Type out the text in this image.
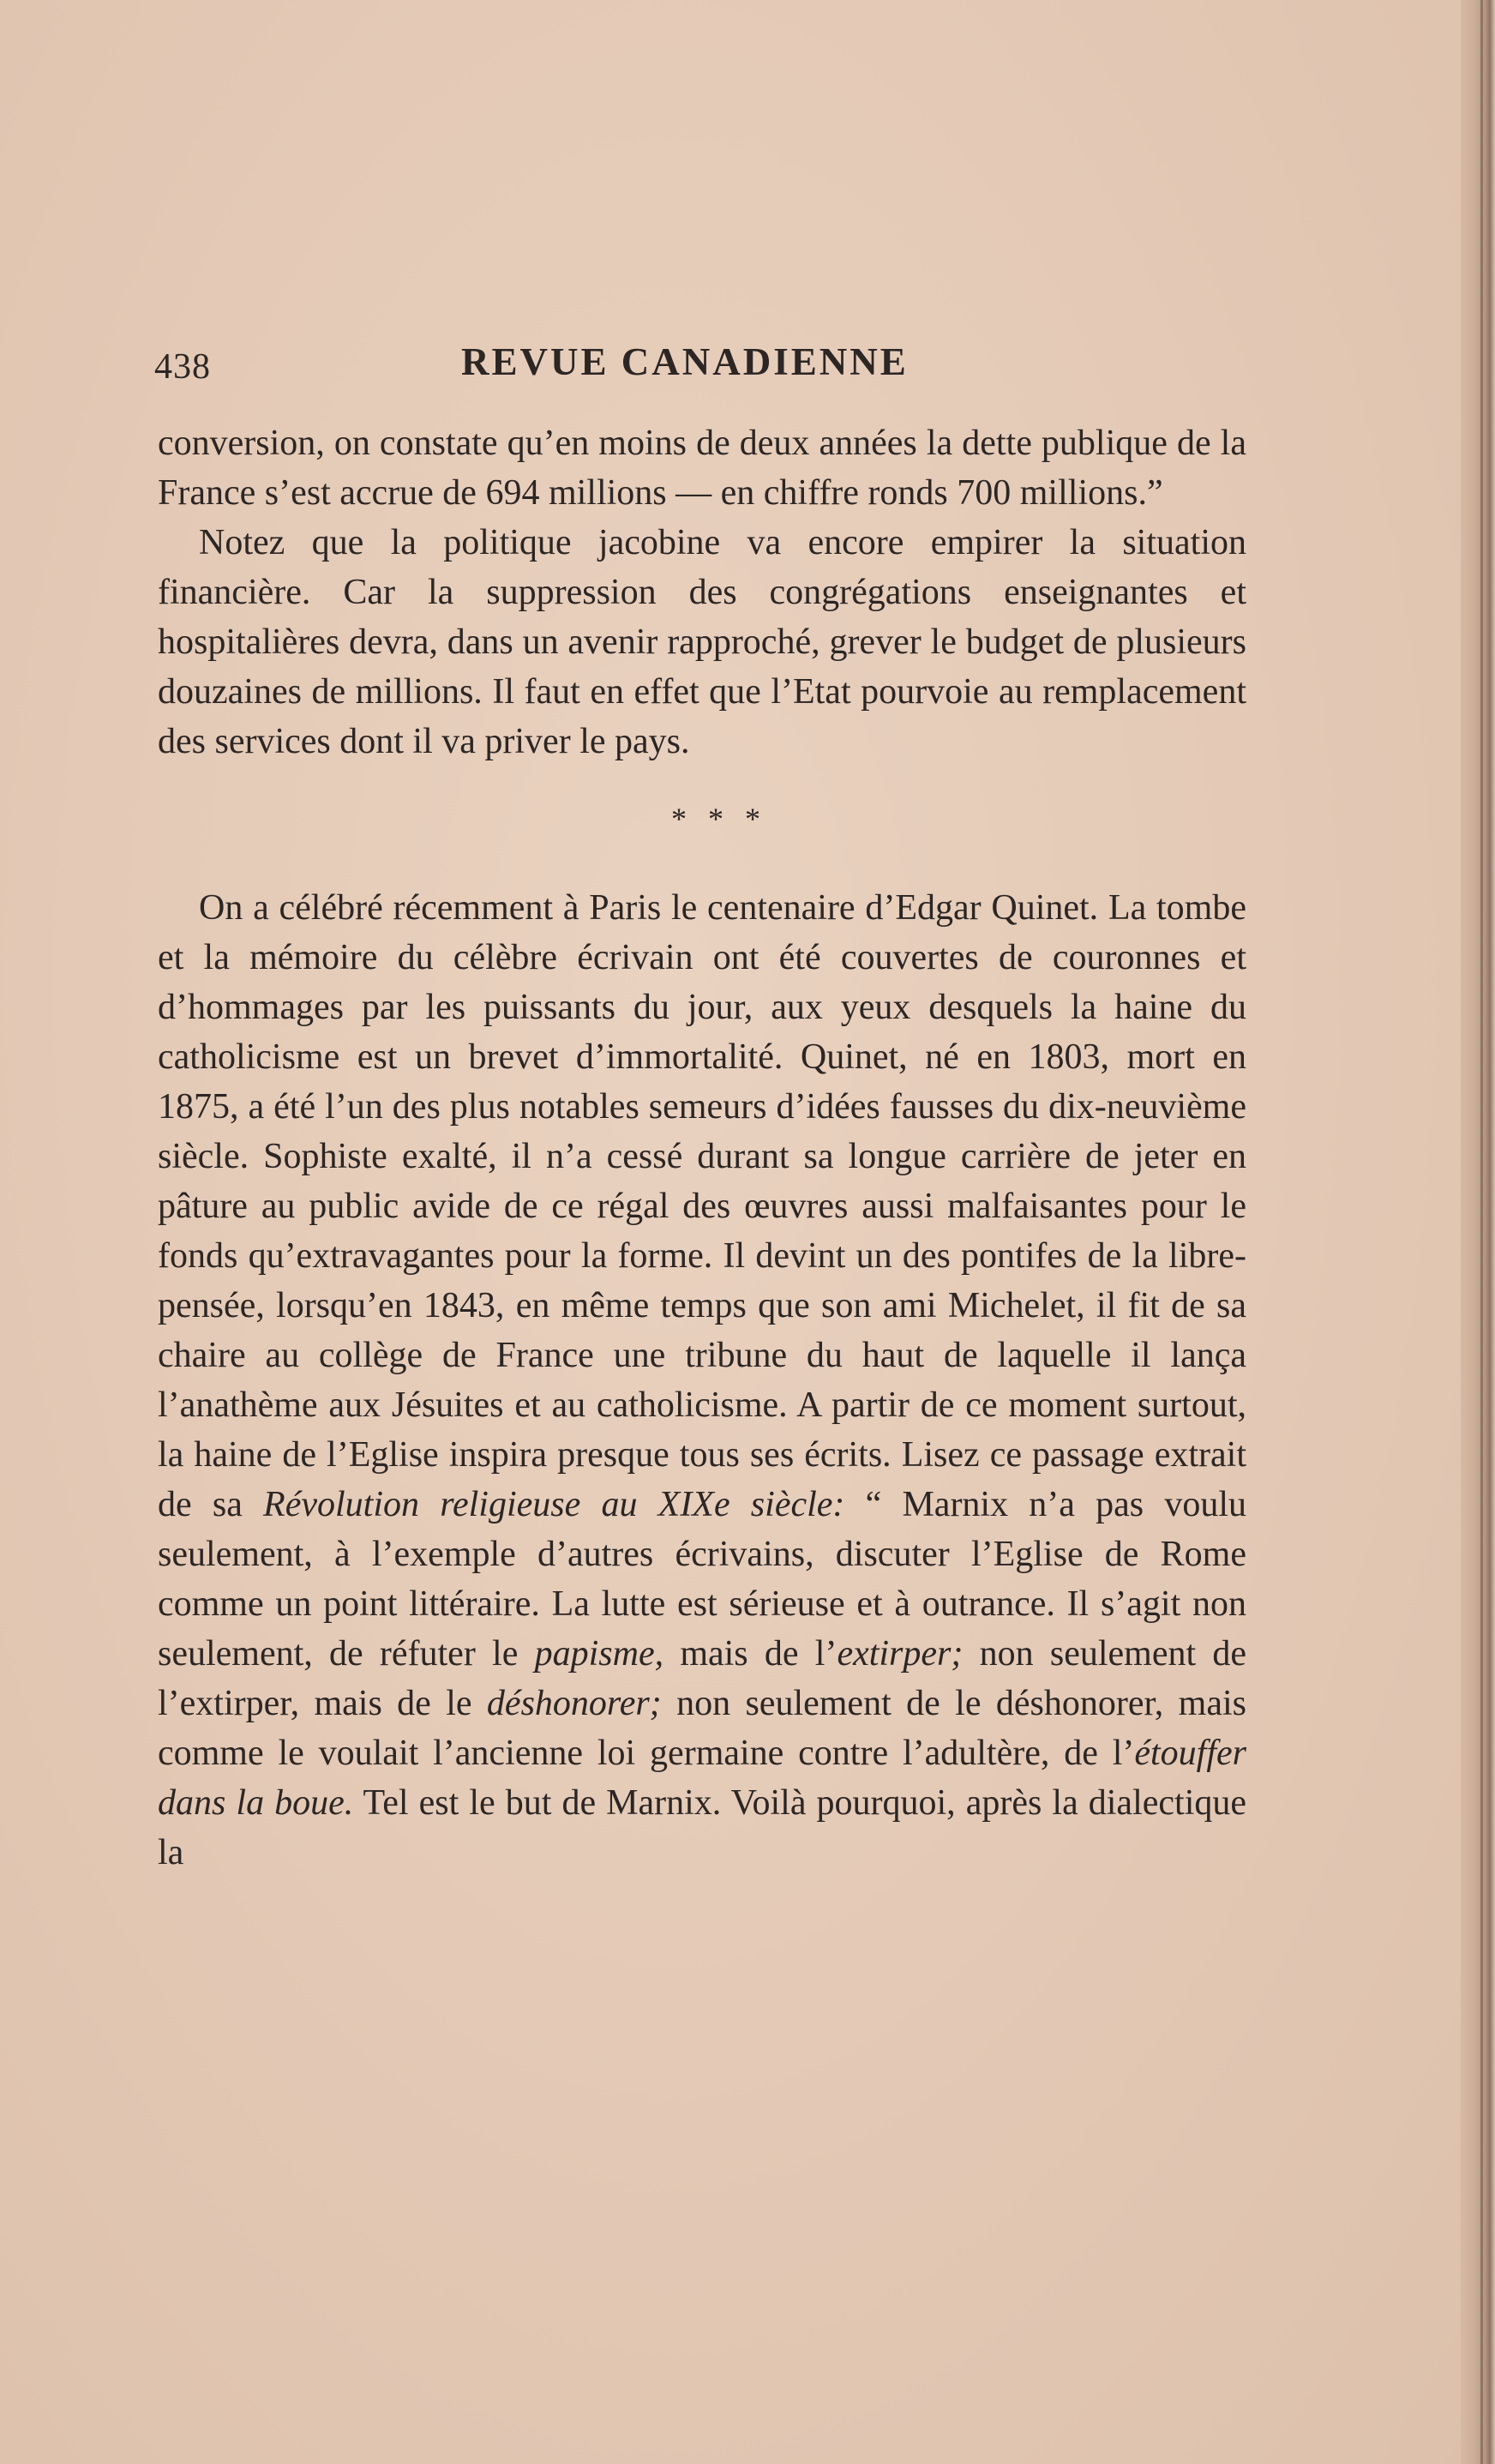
438	REVUE CANADIENNE

conversion, on constate qu’en moins de deux années la dette publique de la France s’est accrue de 694 millions — en chiffre ronds 700 millions.”

Notez que la politique jacobine va encore empirer la situation financière. Car la suppression des congrégations enseignantes et hospitalières devra, dans un avenir rapproché, grever le budget de plusieurs douzaines de millions. Il faut en effet que l’Etat pourvoie au remplacement des services dont il va priver le pays.

* * *

On a célébré récemment à Paris le centenaire d’Edgar Quinet. La tombe et la mémoire du célèbre écrivain ont été couvertes de couronnes et d’hommages par les puissants du jour, aux yeux desquels la haine du catholicisme est un brevet d’immortalité. Quinet, né en 1803, mort en 1875, a été l’un des plus notables semeurs d’idées fausses du dix-neuvième siècle. Sophiste exalté, il n’a cessé durant sa longue carrière de jeter en pâture au public avide de ce régal des œuvres aussi malfaisantes pour le fonds qu’extravagantes pour la forme. Il devint un des pontifes de la libre-pensée, lorsqu’en 1843, en même temps que son ami Michelet, il fit de sa chaire au collège de France une tribune du haut de laquelle il lança l’anathème aux Jésuites et au catholicisme. A partir de ce moment surtout, la haine de l’Eglise inspira presque tous ses écrits. Lisez ce passage extrait de sa Révolution religieuse au XIXe siècle: “ Marnix n’a pas voulu seulement, à l’exemple d’autres écrivains, discuter l’Eglise de Rome comme un point littéraire. La lutte est sérieuse et à outrance. Il s’agit non seulement, de réfuter le papisme, mais de l’extirper; non seulement de l’extirper, mais de le déshonorer; non seulement de le déshonorer, mais comme le voulait l’ancienne loi germaine contre l’adultère, de l’étouffer dans la boue. Tel est le but de Marnix. Voilà pourquoi, après la dialectique la
